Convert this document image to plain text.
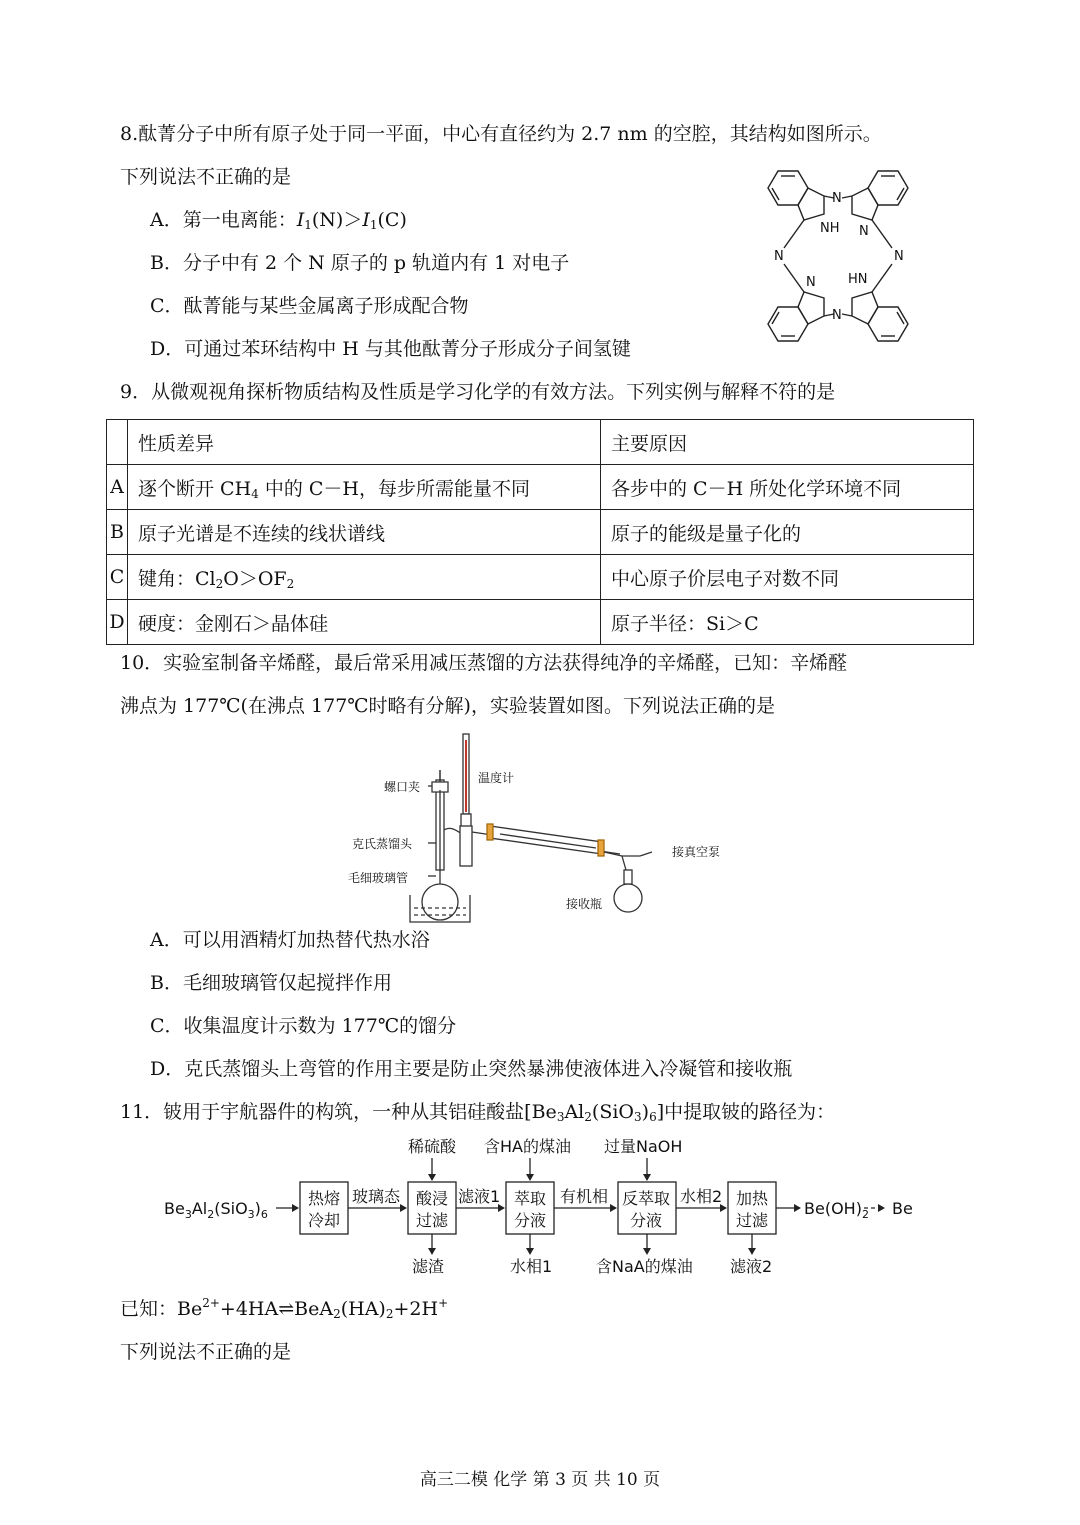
8.酞菁分子中所有原子处于同一平面，中心有直径约为 2.7 nm 的空腔，其结构如图所示。
下列说法不正确的是
A．第一电离能：$I_1(N)>I_1(C)$
B．分子中有 2 个 N 原子的 p 轨道内有 1 对电子
C．酞菁能与某些金属离子形成配合物
D．可通过苯环结构中 H 与其他酞菁分子形成分子间氢键
N
NH N
N	N
HN
N
N
9．从微观视角探析物质结构及性质是学习化学的有效方法。下列实例与解释不符的是
	性质差异	主要原因
A	逐个断开 $CH_4$ 中的 C－H，每步所需能量不同	各步中的 C－H 所处化学环境不同
B	原子光谱是不连续的线状谱线	原子的能级是量子化的
C	键角：$Cl_2O>OF_2$	中心原子价层电子对数不同
D	硬度：金刚石＞晶体硅	原子半径：Si＞C
10．实验室制备辛烯醛，最后常采用减压蒸馏的方法获得纯净的辛烯醛，已知：辛烯醛
沸点为 177℃(在沸点 177℃时略有分解)，实验装置如图。下列说法正确的是
螺口夹
温度计
克氏蒸馏头
毛细玻璃管
接真空泵
接收瓶
A．可以用酒精灯加热替代热水浴
B．毛细玻璃管仅起搅拌作用
C．收集温度计示数为 177℃的馏分
D．克氏蒸馏头上弯管的作用主要是防止突然暴沸使液体进入冷凝管和接收瓶
11．铍用于宇航器件的构筑，一种从其铝硅酸盐$[Be_3Al_2(SiO_3)_6]$中提取铍的路径为：
$Be_3Al_2(SiO_3)_6$
热熔
冷却
玻璃态 酸浸
过滤
稀硫酸
滤渣
滤液1 萃取
分液
含HA的煤油
水相1
有机相 反萃取
分液
过量NaOH
含NaA的煤油
水相2 加热
过滤
滤液2
$Be(OH)_2$ Be
已知：$Be^{2+}+4HA\rightleftharpoons BeA_2(HA)_2+2H^+$
下列说法不正确的是
高三二模 化学 第 3 页 共 10 页
